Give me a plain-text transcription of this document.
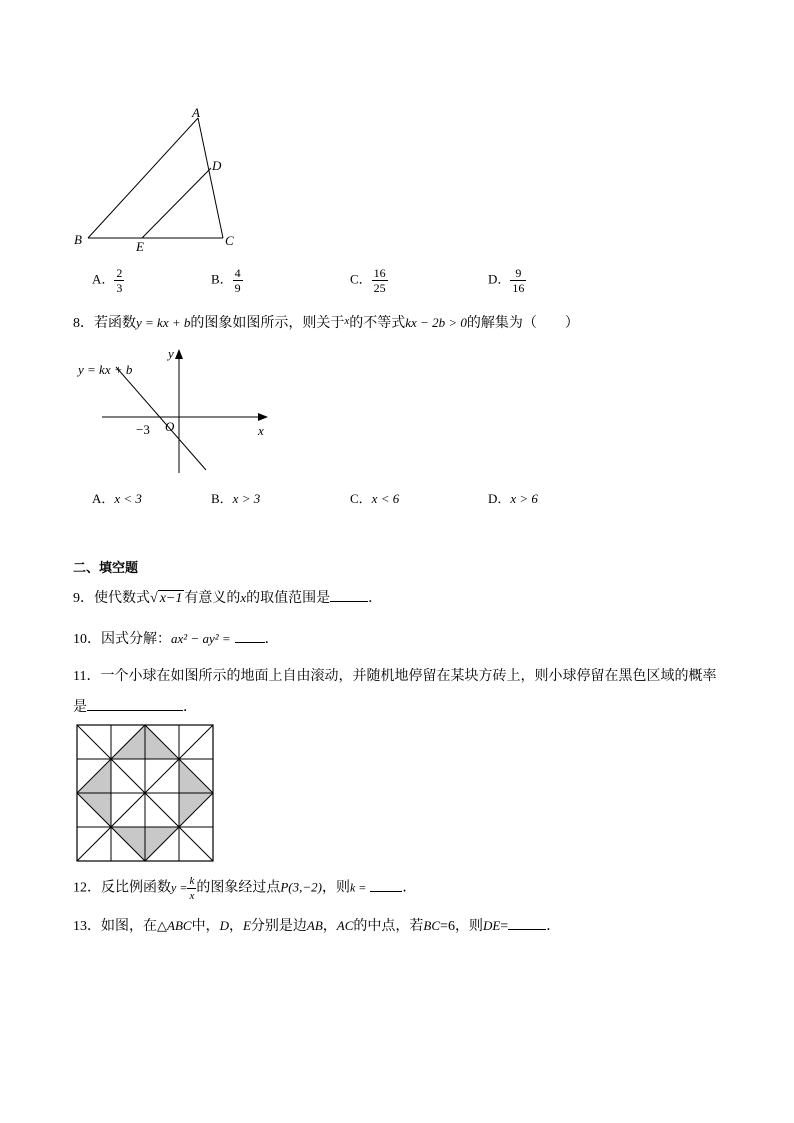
A
B	C
D
E
A． $\frac{2}{3}$	B． $\frac{4}{9}$	C． $\frac{16}{25}$	D． $\frac{9}{16}$
8．若函数y = kx + b的图象如图所示，则关于$^x$的不等式kx − 2b > 0的解集为（　　）
y = kx + b
y
x
O
−3
A．x < 3	B．x > 3	C．x < 6	D．x > 6
二、填空题
9．使代数式√ x−1 有意义的x的取值范围是	．
10．因式分解：ax² − ay² = ．
11．一个小球在如图所示的地面上自由滚动，并随机地停留在某块方砖上，则小球停留在黑色区域的概率
是	．
12．反比例函数$y = \frac{k}{x}$ 的图象经过点P(3,−2)，则k =	．
13．如图，在△ABC中，D，E分别是边AB，AC的中点，若BC=6，则DE=	．
